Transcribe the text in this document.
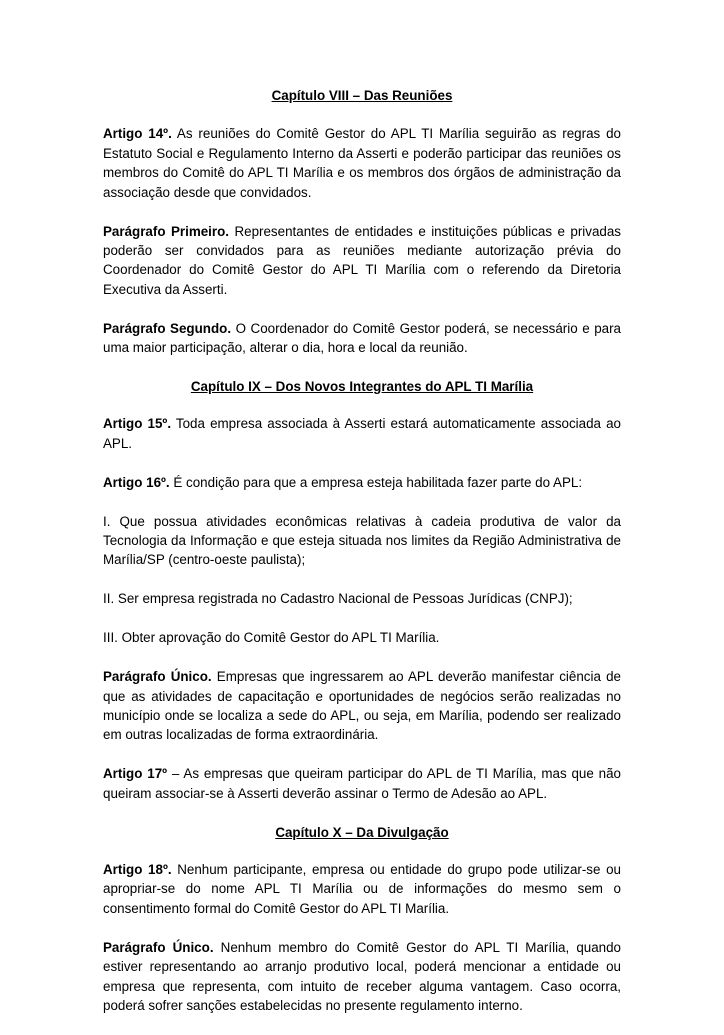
Capítulo VIII – Das Reuniões

Artigo 14º. As reuniões do Comitê Gestor do APL TI Marília seguirão as regras do Estatuto Social e Regulamento Interno da Asserti e poderão participar das reuniões os membros do Comitê do APL TI Marília e os membros dos órgãos de administração da associação desde que convidados.

Parágrafo Primeiro. Representantes de entidades e instituições públicas e privadas poderão ser convidados para as reuniões mediante autorização prévia do Coordenador do Comitê Gestor do APL TI Marília com o referendo da Diretoria Executiva da Asserti.

Parágrafo Segundo. O Coordenador do Comitê Gestor poderá, se necessário e para uma maior participação, alterar o dia, hora e local da reunião.

Capítulo IX – Dos Novos Integrantes do APL TI Marília

Artigo 15º. Toda empresa associada à Asserti estará automaticamente associada ao APL.

Artigo 16º. É condição para que a empresa esteja habilitada fazer parte do APL:

I. Que possua atividades econômicas relativas à cadeia produtiva de valor da Tecnologia da Informação e que esteja situada nos limites da Região Administrativa de Marília/SP (centro-oeste paulista);

II. Ser empresa registrada no Cadastro Nacional de Pessoas Jurídicas (CNPJ);

III. Obter aprovação do Comitê Gestor do APL TI Marília.

Parágrafo Único. Empresas que ingressarem ao APL deverão manifestar ciência de que as atividades de capacitação e oportunidades de negócios serão realizadas no município onde se localiza a sede do APL, ou seja, em Marília, podendo ser realizado em outras localizadas de forma extraordinária.

Artigo 17º – As empresas que queiram participar do APL de TI Marília, mas que não queiram associar-se à Asserti deverão assinar o Termo de Adesão ao APL.

Capítulo X – Da Divulgação

Artigo 18º. Nenhum participante, empresa ou entidade do grupo pode utilizar-se ou apropriar-se do nome APL TI Marília ou de informações do mesmo sem o consentimento formal do Comitê Gestor do APL TI Marília.

Parágrafo Único. Nenhum membro do Comitê Gestor do APL TI Marília, quando estiver representando ao arranjo produtivo local, poderá mencionar a entidade ou empresa que representa, com intuito de receber alguma vantagem. Caso ocorra, poderá sofrer sanções estabelecidas no presente regulamento interno.
